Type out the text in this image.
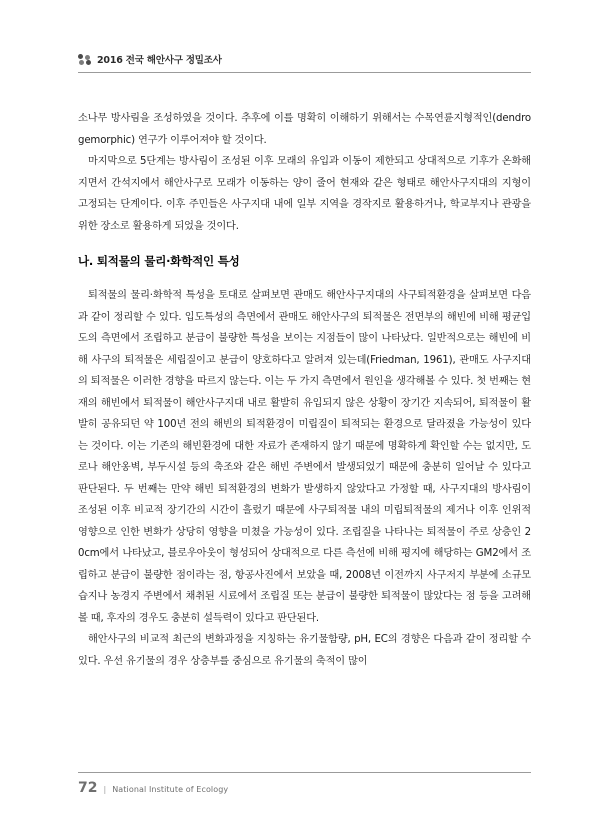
2016 전국 해안사구 정밀조사

소나무 방사림을 조성하였을 것이다. 추후에 이를 명확히 이해하기 위해서는 수목연륜지형적인(dendrogemorphic) 연구가 이루어져야 할 것이다.

마지막으로 5단계는 방사림이 조성된 이후 모래의 유입과 이동이 제한되고 상대적으로 기후가 온화해지면서 간석지에서 해안사구로 모래가 이동하는 양이 줄어 현재와 같은 형태로 해안사구지대의 지형이 고정되는 단계이다. 이후 주민들은 사구지대 내에 일부 지역을 경작지로 활용하거나, 학교부지나 관광을 위한 장소로 활용하게 되었을 것이다.

나. 퇴적물의 물리·화학적인 특성

퇴적물의 물리·화학적 특성을 토대로 살펴보면 관매도 해안사구지대의 사구퇴적환경을 살펴보면 다음과 같이 정리할 수 있다. 입도특성의 측면에서 관매도 해안사구의 퇴적물은 전면부의 해빈에 비해 평균입도의 측면에서 조립하고 분급이 불량한 특성을 보이는 지점들이 많이 나타났다. 일반적으로는 해빈에 비해 사구의 퇴적물은 세립질이고 분급이 양호하다고 알려져 있는데(Friedman, 1961), 관매도 사구지대의 퇴적물은 이러한 경향을 따르지 않는다. 이는 두 가지 측면에서 원인을 생각해볼 수 있다. 첫 번째는 현재의 해빈에서 퇴적물이 해안사구지대 내로 활발히 유입되지 않은 상황이 장기간 지속되어, 퇴적물이 활발히 공유되던 약 100년 전의 해빈의 퇴적환경이 미립질이 퇴적되는 환경으로 달라졌을 가능성이 있다는 것이다. 이는 기존의 해빈환경에 대한 자료가 존재하지 않기 때문에 명확하게 확인할 수는 없지만, 도로나 해안옹벽, 부두시설 등의 축조와 같은 해빈 주변에서 발생되었기 때문에 충분히 일어날 수 있다고 판단된다. 두 번째는 만약 해빈 퇴적환경의 변화가 발생하지 않았다고 가정할 때, 사구지대의 방사림이 조성된 이후 비교적 장기간의 시간이 흘렀기 때문에 사구퇴적물 내의 미립퇴적물의 제거나 이후 인위적 영향으로 인한 변화가 상당히 영향을 미쳤을 가능성이 있다. 조립질을 나타나는 퇴적물이 주로 상층인 20cm에서 나타났고, 블로우아웃이 형성되어 상대적으로 다른 측선에 비해 평지에 해당하는 GM2에서 조립하고 분급이 불량한 점이라는 점, 항공사진에서 보았을 때, 2008년 이전까지 사구저지 부분에 소규모 습지나 농경지 주변에서 채취된 시료에서 조립질 또는 분급이 불량한 퇴적물이 많았다는 점 등을 고려해 볼 때, 후자의 경우도 충분히 설득력이 있다고 판단된다.

해안사구의 비교적 최근의 변화과정을 지칭하는 유기물함량, pH, EC의 경향은 다음과 같이 정리할 수 있다. 우선 유기물의 경우 상층부를 중심으로 유기물의 축적이 많이

72 | National Institute of Ecology
